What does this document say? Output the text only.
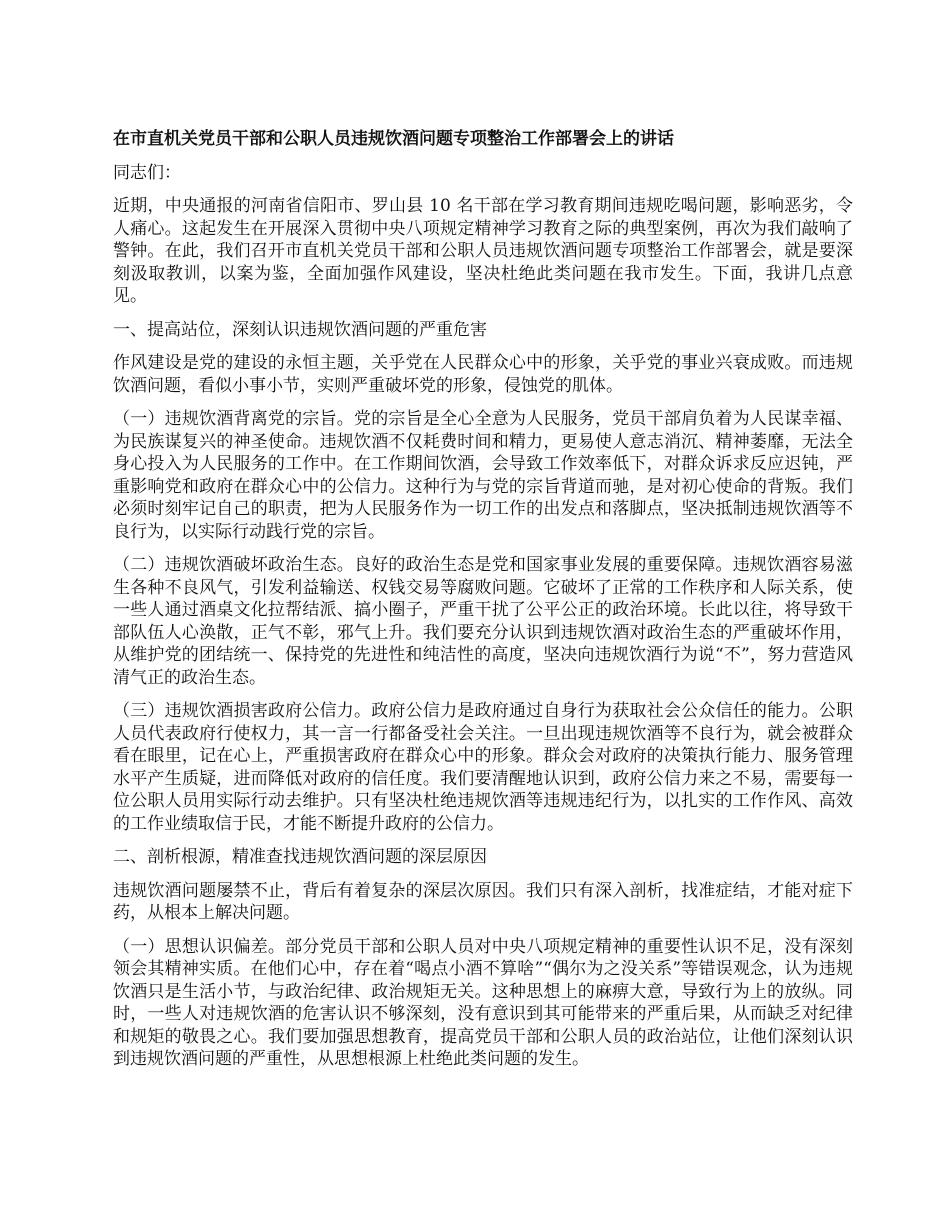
在市直机关党员干部和公职人员违规饮酒问题专项整治工作部署会上的讲话
同志们：
近期，中央通报的河南省信阳市、罗山县 10 名干部在学习教育期间违规吃喝问题，影响恶劣，令人痛心。这起发生在开展深入贯彻中央八项规定精神学习教育之际的典型案例，再次为我们敲响了警钟。在此，我们召开市直机关党员干部和公职人员违规饮酒问题专项整治工作部署会，就是要深刻汲取教训，以案为鉴，全面加强作风建设，坚决杜绝此类问题在我市发生。下面，我讲几点意见。
一、提高站位，深刻认识违规饮酒问题的严重危害
作风建设是党的建设的永恒主题，关乎党在人民群众心中的形象，关乎党的事业兴衰成败。而违规饮酒问题，看似小事小节，实则严重破坏党的形象，侵蚀党的肌体。
（一）违规饮酒背离党的宗旨。党的宗旨是全心全意为人民服务，党员干部肩负着为人民谋幸福、为民族谋复兴的神圣使命。违规饮酒不仅耗费时间和精力，更易使人意志消沉、精神萎靡，无法全身心投入为人民服务的工作中。在工作期间饮酒，会导致工作效率低下，对群众诉求反应迟钝，严重影响党和政府在群众心中的公信力。这种行为与党的宗旨背道而驰，是对初心使命的背叛。我们必须时刻牢记自己的职责，把为人民服务作为一切工作的出发点和落脚点，坚决抵制违规饮酒等不良行为，以实际行动践行党的宗旨。
（二）违规饮酒破坏政治生态。良好的政治生态是党和国家事业发展的重要保障。违规饮酒容易滋生各种不良风气，引发利益输送、权钱交易等腐败问题。它破坏了正常的工作秩序和人际关系，使一些人通过酒桌文化拉帮结派、搞小圈子，严重干扰了公平公正的政治环境。长此以往，将导致干部队伍人心涣散，正气不彰，邪气上升。我们要充分认识到违规饮酒对政治生态的严重破坏作用，从维护党的团结统一、保持党的先进性和纯洁性的高度，坚决向违规饮酒行为说“不”，努力营造风清气正的政治生态。
（三）违规饮酒损害政府公信力。政府公信力是政府通过自身行为获取社会公众信任的能力。公职人员代表政府行使权力，其一言一行都备受社会关注。一旦出现违规饮酒等不良行为，就会被群众看在眼里，记在心上，严重损害政府在群众心中的形象。群众会对政府的决策执行能力、服务管理水平产生质疑，进而降低对政府的信任度。我们要清醒地认识到，政府公信力来之不易，需要每一位公职人员用实际行动去维护。只有坚决杜绝违规饮酒等违规违纪行为，以扎实的工作作风、高效的工作业绩取信于民，才能不断提升政府的公信力。
二、剖析根源，精准查找违规饮酒问题的深层原因
违规饮酒问题屡禁不止，背后有着复杂的深层次原因。我们只有深入剖析，找准症结，才能对症下药，从根本上解决问题。
（一）思想认识偏差。部分党员干部和公职人员对中央八项规定精神的重要性认识不足，没有深刻领会其精神实质。在他们心中，存在着“喝点小酒不算啥”“偶尔为之没关系”等错误观念，认为违规饮酒只是生活小节，与政治纪律、政治规矩无关。这种思想上的麻痹大意，导致行为上的放纵。同时，一些人对违规饮酒的危害认识不够深刻，没有意识到其可能带来的严重后果，从而缺乏对纪律和规矩的敬畏之心。我们要加强思想教育，提高党员干部和公职人员的政治站位，让他们深刻认识到违规饮酒问题的严重性，从思想根源上杜绝此类问题的发生。
